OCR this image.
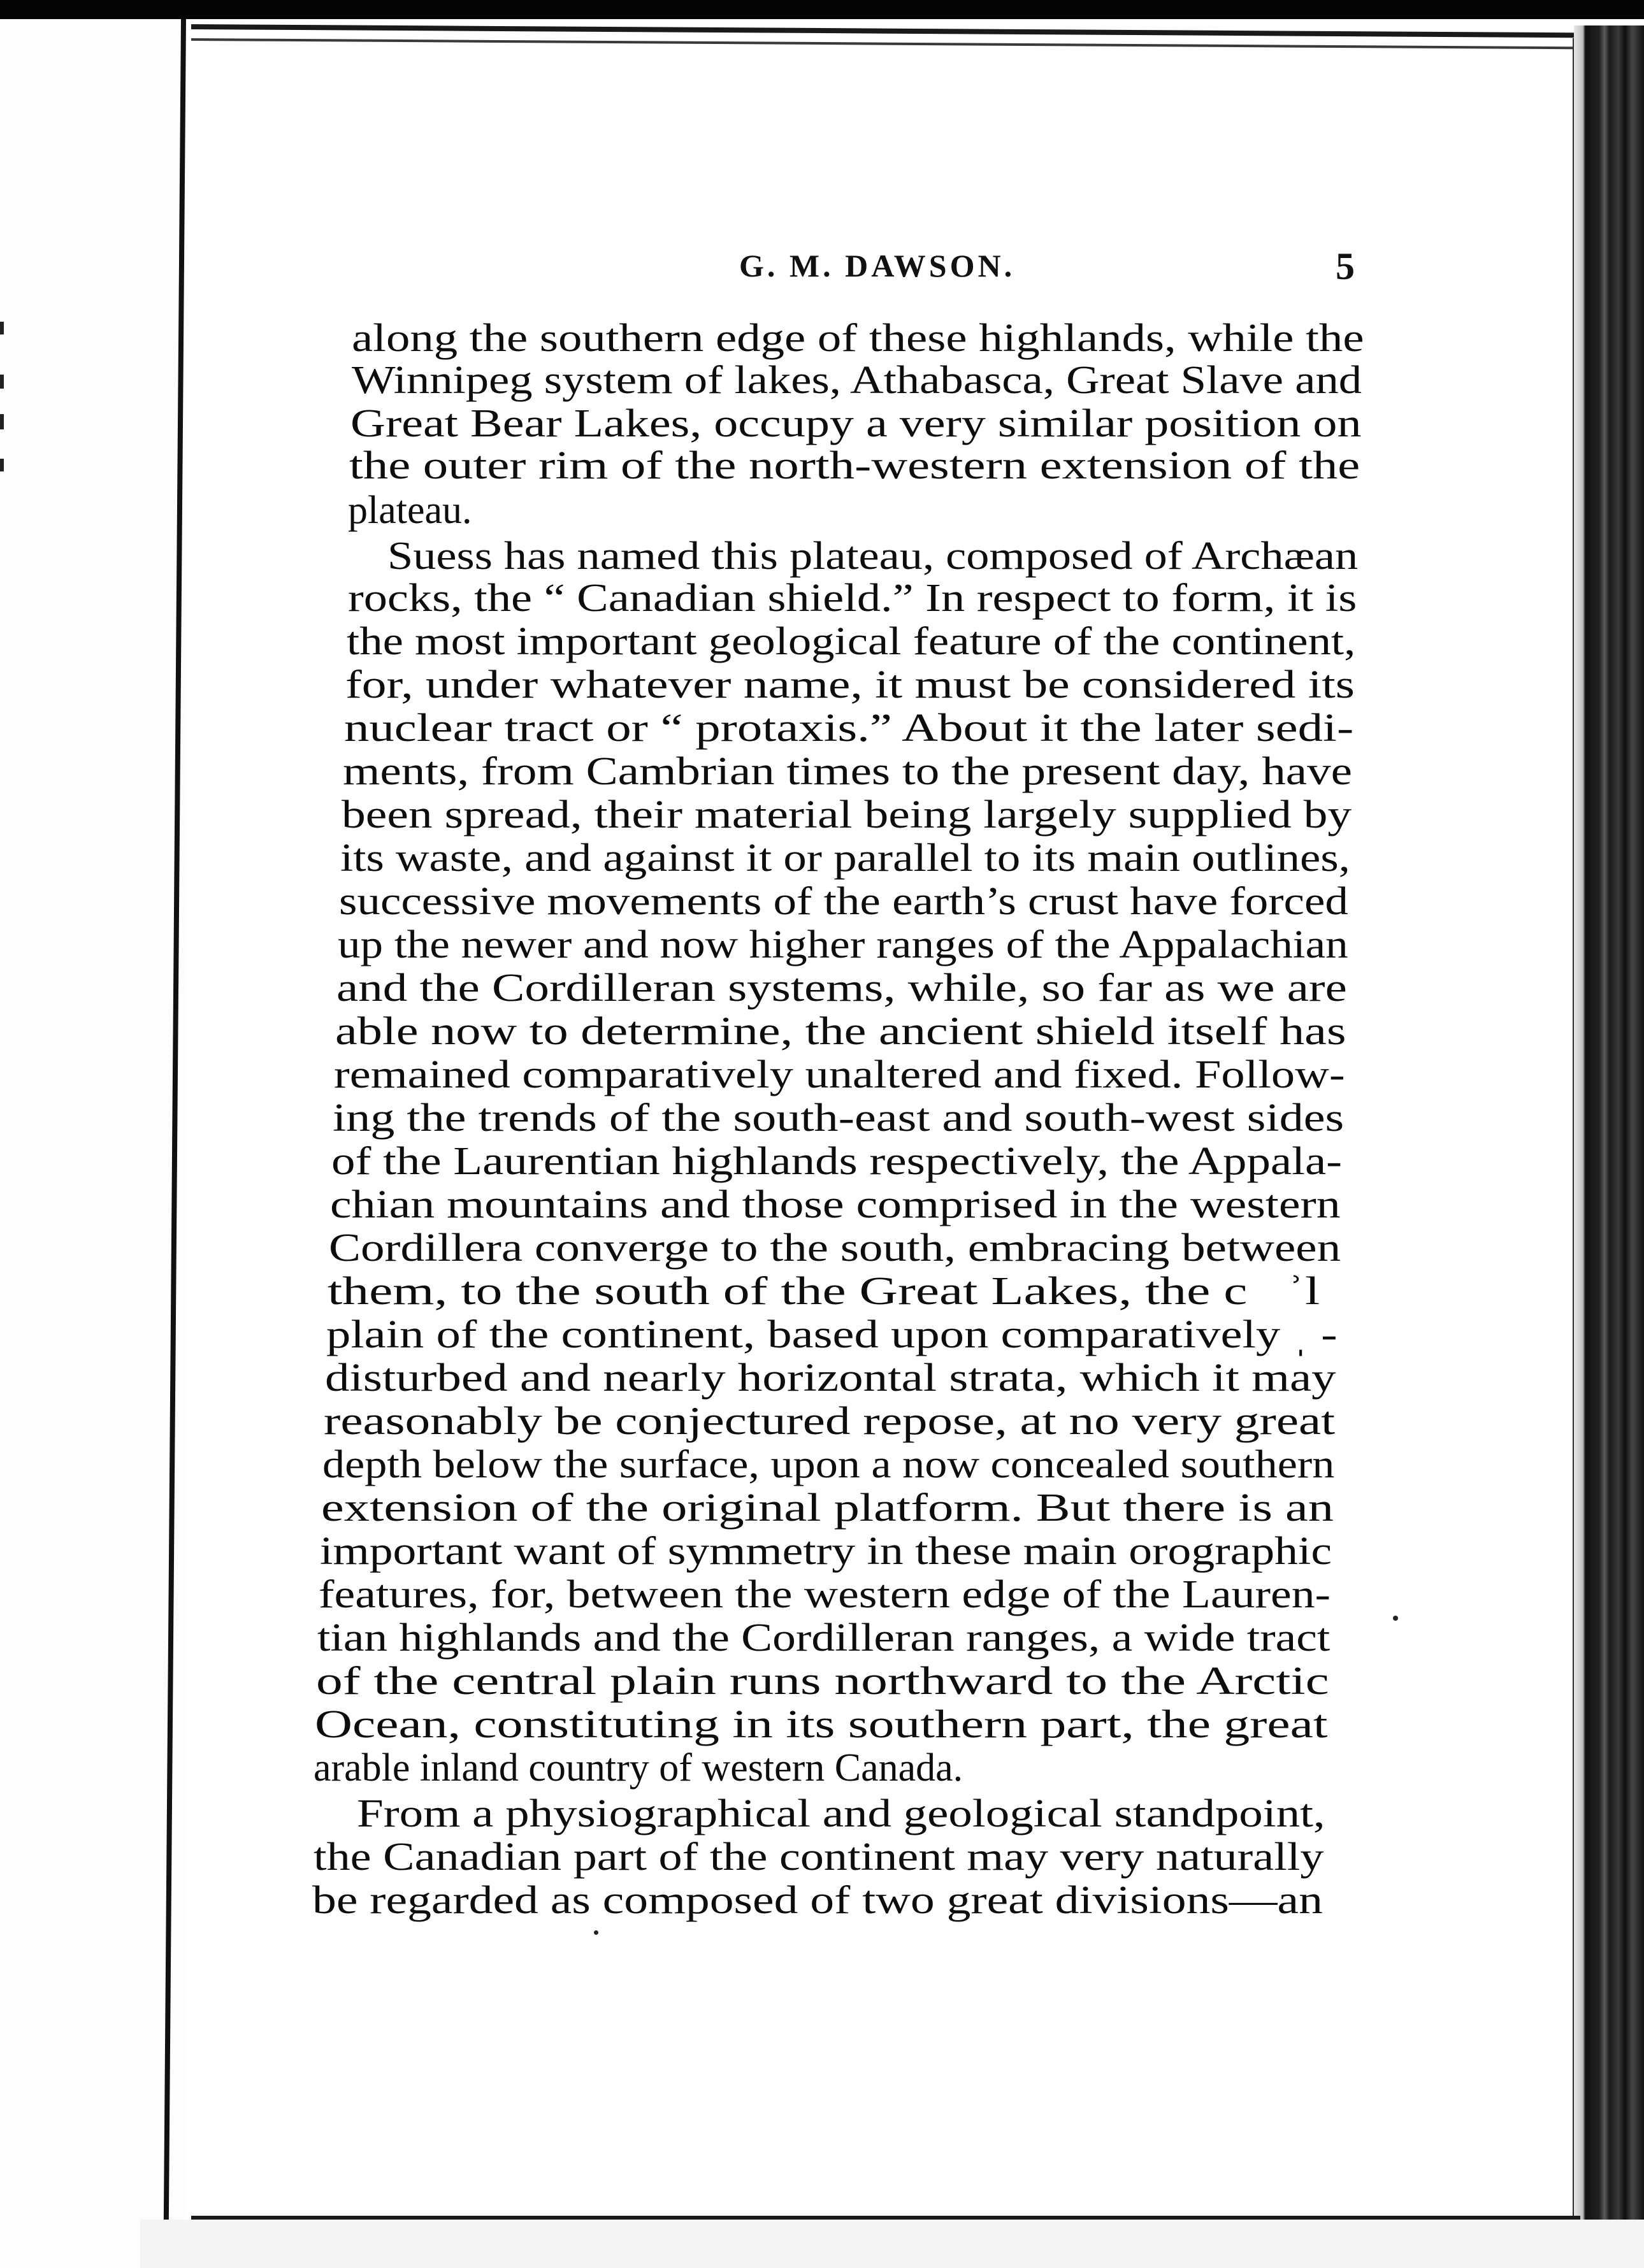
G. M. DAWSON.	5
along the southern edge of these highlands, while the
Winnipeg system of lakes, Athabasca, Great Slave and
Great Bear Lakes, occupy a very similar position on
the outer rim of the north-western extension of the
plateau.
Suess has named this plateau, composed of Archæan
rocks, the “ Canadian shield.” In respect to form, it is
the most important geological feature of the continent,
for, under whatever name, it must be considered its
nuclear tract or “ protaxis.” About it the later sedi-
ments, from Cambrian times to the present day, have
been spread, their material being largely supplied by
its waste, and against it or parallel to its main outlines,
successive movements of the earth’s crust have forced
up the newer and now higher ranges of the Appalachian
and the Cordilleran systems, while, so far as we are
able now to determine, the ancient shield itself has
remained comparatively unaltered and fixed. Follow-
ing the trends of the south-east and south-west sides
of the Laurentian highlands respectively, the Appala-
chian mountains and those comprised in the western
Cordillera converge to the south, embracing between
them, to the south of the Great Lakes, the c  ʾl
plain of the continent, based upon comparatively ˌ -
disturbed and nearly horizontal strata, which it may
reasonably be conjectured repose, at no very great
depth below the surface, upon a now concealed southern
extension of the original platform. But there is an
important want of symmetry in these main orographic
features, for, between the western edge of the Lauren-
tian highlands and the Cordilleran ranges, a wide tract
of the central plain runs northward to the Arctic
Ocean, constituting in its southern part, the great
arable inland country of western Canada.
From a physiographical and geological standpoint,
the Canadian part of the continent may very naturally
be regarded as composed of two great divisions—an
